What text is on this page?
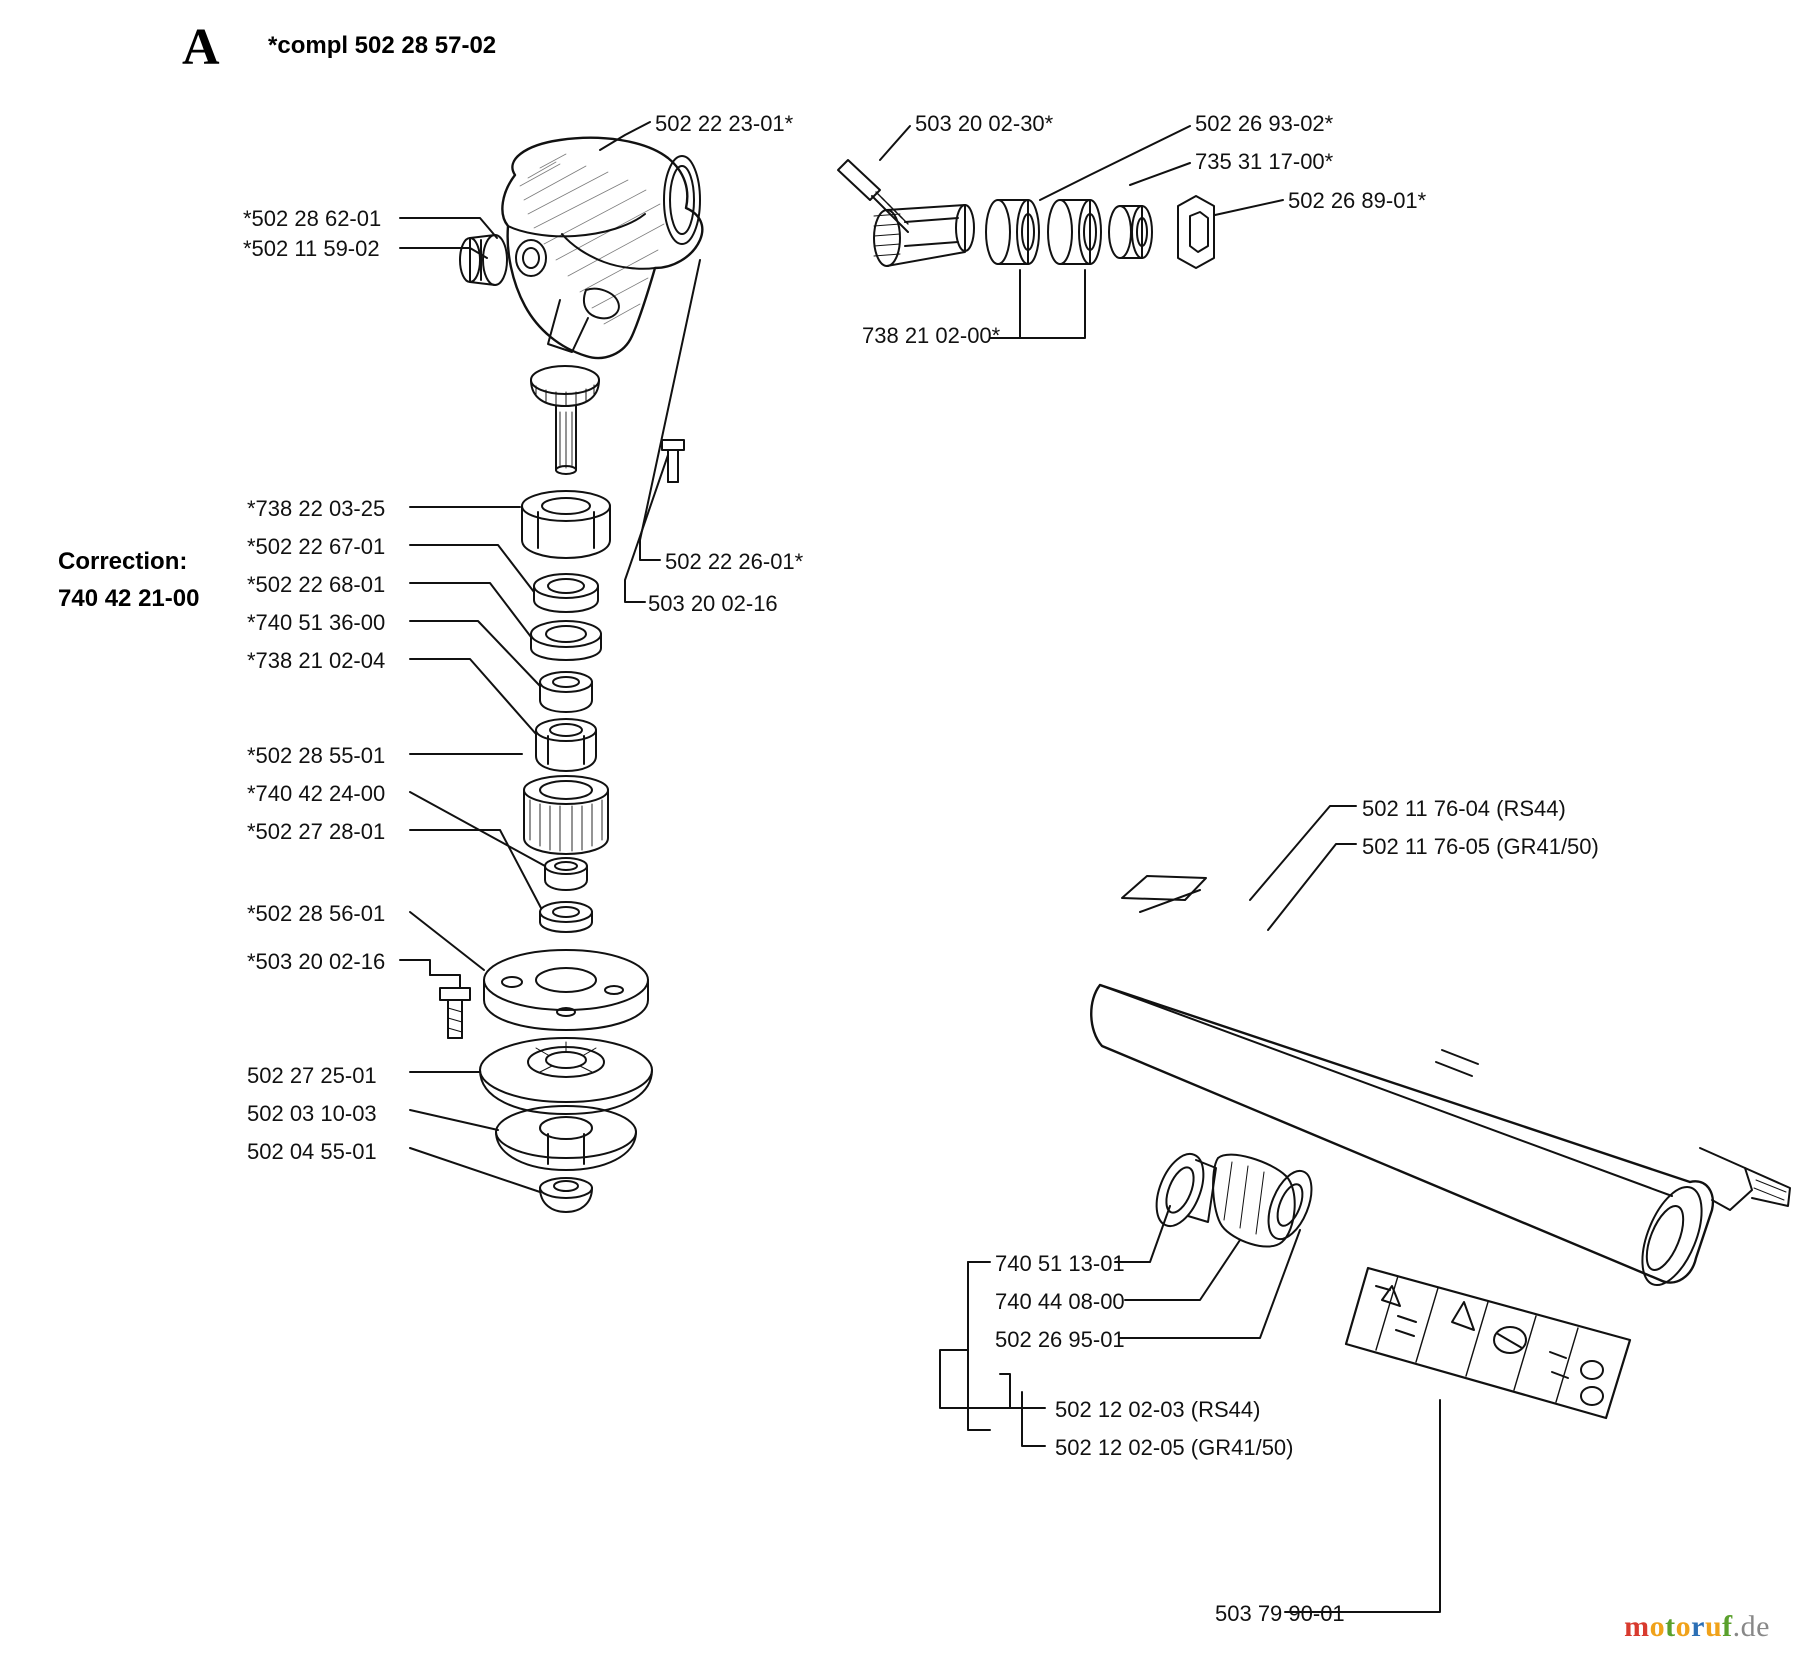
A *compl 502 28 57-02
Correction:
740 42 21-00
*502 28 62-01
*502 11 59-02
502 22 23-01*	503 20 02-30*	502 26 93-02*
735 31 17-00*
502 26 89-01*
738 21 02-00*
502 22 26-01*
503 20 02-16
*738 22 03-25
*502 22 67-01
*502 22 68-01
*740 51 36-00
*738 21 02-04
*502 28 55-01
*740 42 24-00
*502 27 28-01
*502 28 56-01
*503 20 02-16
502 27 25-01
502 03 10-03
502 04 55-01
502 11 76-04 (RS44)
502 11 76-05 (GR41/50)
740 51 13-01
740 44 08-00
502 26 95-01
502 12 02-03 (RS44)
502 12 02-05 (GR41/50)
503 79 90-01	motoruf.de
